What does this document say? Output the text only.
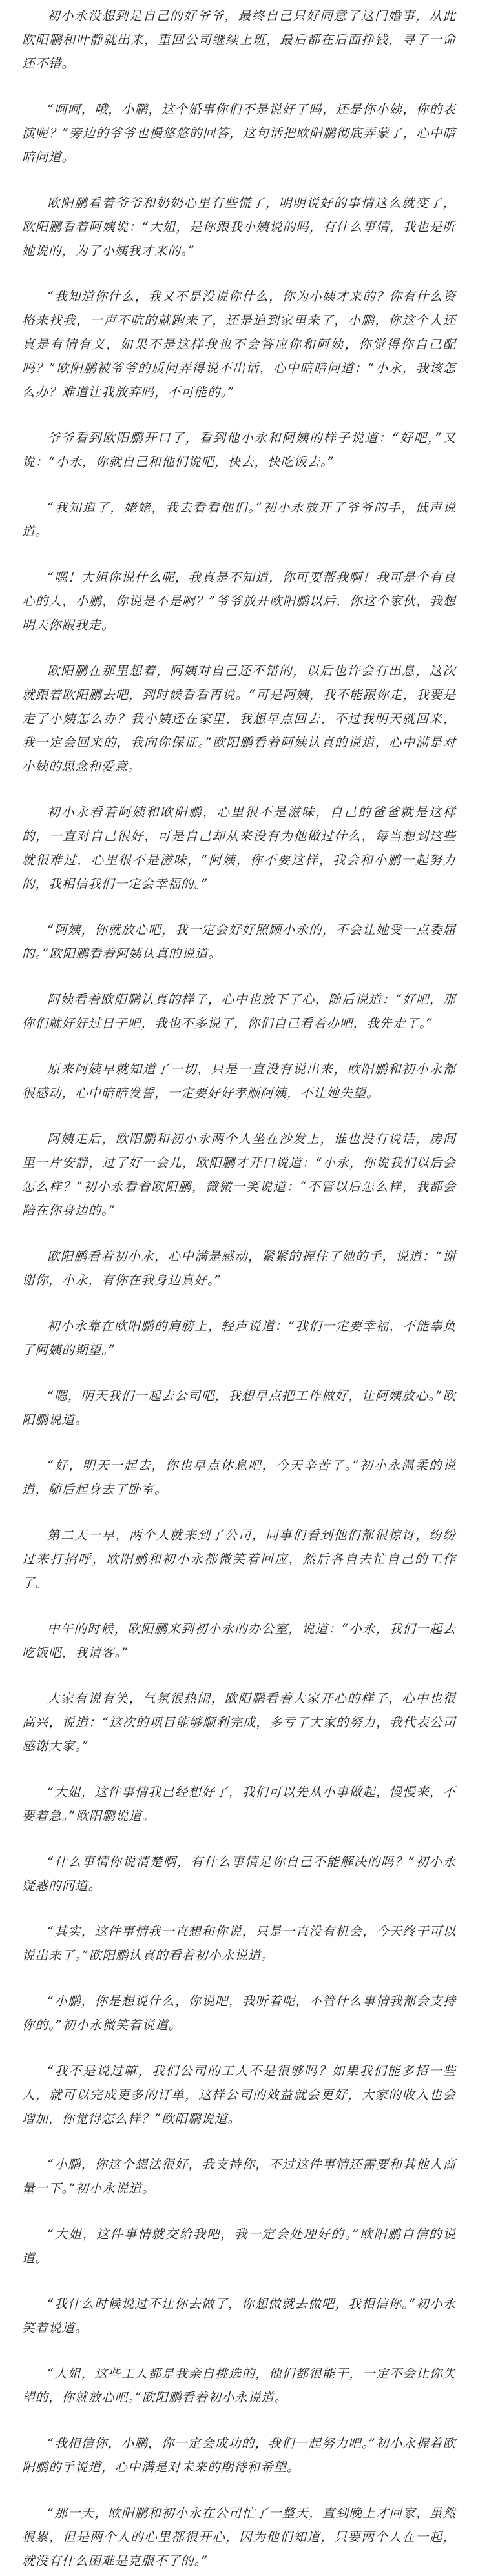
初小永没想到是自己的好爷爷，最终自己只好同意了这门婚事，从此欧阳鹏和叶静就出来，重回公司继续上班，最后都在后面挣钱，寻子一命还不错。

“呵呵，哦，小鹏，这个婚事你们不是说好了吗，还是你小姨，你的表演呢？”旁边的爷爷也慢悠悠的回答，这句话把欧阳鹏彻底弄蒙了，心中暗暗问道。

欧阳鹏看着爷爷和奶奶心里有些慌了，明明说好的事情这么就变了，欧阳鹏看着阿姨说：“大姐，是你跟我小姨说的吗，有什么事情，我也是听她说的，为了小姨我才来的。”

“我知道你什么，我又不是没说你什么，你为小姨才来的？你有什么资格来找我，一声不吭的就跑来了，还是追到家里来了，小鹏，你这个人还真是有情有义，如果不是这样我也不会答应你和阿姨，你觉得你自己配吗？”欧阳鹏被爷爷的质问弄得说不出话，心中暗暗问道：“小永，我该怎么办？难道让我放弃吗，不可能的。”

爷爷看到欧阳鹏开口了，看到他小永和阿姨的样子说道：“好吧，”又说：“小永，你就自己和他们说吧，快去，快吃饭去。”

“我知道了，姥姥，我去看看他们。”初小永放开了爷爷的手，低声说道。

“嗯！大姐你说什么呢，我真是不知道，你可要帮我啊！我可是个有良心的人，小鹏，你说是不是啊？”爷爷放开欧阳鹏以后，你这个家伙，我想明天你跟我走。

欧阳鹏在那里想着，阿姨对自己还不错的，以后也许会有出息，这次就跟着欧阳鹏去吧，到时候看看再说。“可是阿姨，我不能跟你走，我要是走了小姨怎么办？我小姨还在家里，我想早点回去，不过我明天就回来，我一定会回来的，我向你保证。”欧阳鹏看着阿姨认真的说道，心中满是对小姨的思念和爱意。

初小永看着阿姨和欧阳鹏，心里很不是滋味，自己的爸爸就是这样的，一直对自己很好，可是自己却从来没有为他做过什么，每当想到这些就很难过，心里很不是滋味，“阿姨，你不要这样，我会和小鹏一起努力的，我相信我们一定会幸福的。”

“阿姨，你就放心吧，我一定会好好照顾小永的，不会让她受一点委屈的。”欧阳鹏看着阿姨认真的说道。

阿姨看着欧阳鹏认真的样子，心中也放下了心，随后说道：“好吧，那你们就好好过日子吧，我也不多说了，你们自己看着办吧，我先走了。”

原来阿姨早就知道了一切，只是一直没有说出来，欧阳鹏和初小永都很感动，心中暗暗发誓，一定要好好孝顺阿姨，不让她失望。

阿姨走后，欧阳鹏和初小永两个人坐在沙发上，谁也没有说话，房间里一片安静，过了好一会儿，欧阳鹏才开口说道：“小永，你说我们以后会怎么样？”初小永看着欧阳鹏，微微一笑说道：“不管以后怎么样，我都会陪在你身边的。”

欧阳鹏看着初小永，心中满是感动，紧紧的握住了她的手，说道：“谢谢你，小永，有你在我身边真好。”

初小永靠在欧阳鹏的肩膀上，轻声说道：“我们一定要幸福，不能辜负了阿姨的期望。”

“嗯，明天我们一起去公司吧，我想早点把工作做好，让阿姨放心。”欧阳鹏说道。

“好，明天一起去，你也早点休息吧，今天辛苦了。”初小永温柔的说道，随后起身去了卧室。

第二天一早，两个人就来到了公司，同事们看到他们都很惊讶，纷纷过来打招呼，欧阳鹏和初小永都微笑着回应，然后各自去忙自己的工作了。

中午的时候，欧阳鹏来到初小永的办公室，说道：“小永，我们一起去吃饭吧，我请客。”

大家有说有笑，气氛很热闹，欧阳鹏看着大家开心的样子，心中也很高兴，说道：“这次的项目能够顺利完成，多亏了大家的努力，我代表公司感谢大家。”

“大姐，这件事情我已经想好了，我们可以先从小事做起，慢慢来，不要着急。”欧阳鹏说道。

“什么事情你说清楚啊，有什么事情是你自己不能解决的吗？”初小永疑惑的问道。

“其实，这件事情我一直想和你说，只是一直没有机会，今天终于可以说出来了。”欧阳鹏认真的看着初小永说道。

“小鹏，你是想说什么，你说吧，我听着呢，不管什么事情我都会支持你的。”初小永微笑着说道。

“我不是说过嘛，我们公司的工人不是很够吗？如果我们能多招一些人，就可以完成更多的订单，这样公司的效益就会更好，大家的收入也会增加，你觉得怎么样？”欧阳鹏说道。

“小鹏，你这个想法很好，我支持你，不过这件事情还需要和其他人商量一下。”初小永说道。

“大姐，这件事情就交给我吧，我一定会处理好的。”欧阳鹏自信的说道。

“我什么时候说过不让你去做了，你想做就去做吧，我相信你。”初小永笑着说道。

“大姐，这些工人都是我亲自挑选的，他们都很能干，一定不会让你失望的，你就放心吧。”欧阳鹏看着初小永说道。

“我相信你，小鹏，你一定会成功的，我们一起努力吧。”初小永握着欧阳鹏的手说道，心中满是对未来的期待和希望。

“那一天，欧阳鹏和初小永在公司忙了一整天，直到晚上才回家，虽然很累，但是两个人的心里都很开心，因为他们知道，只要两个人在一起，就没有什么困难是克服不了的。”
